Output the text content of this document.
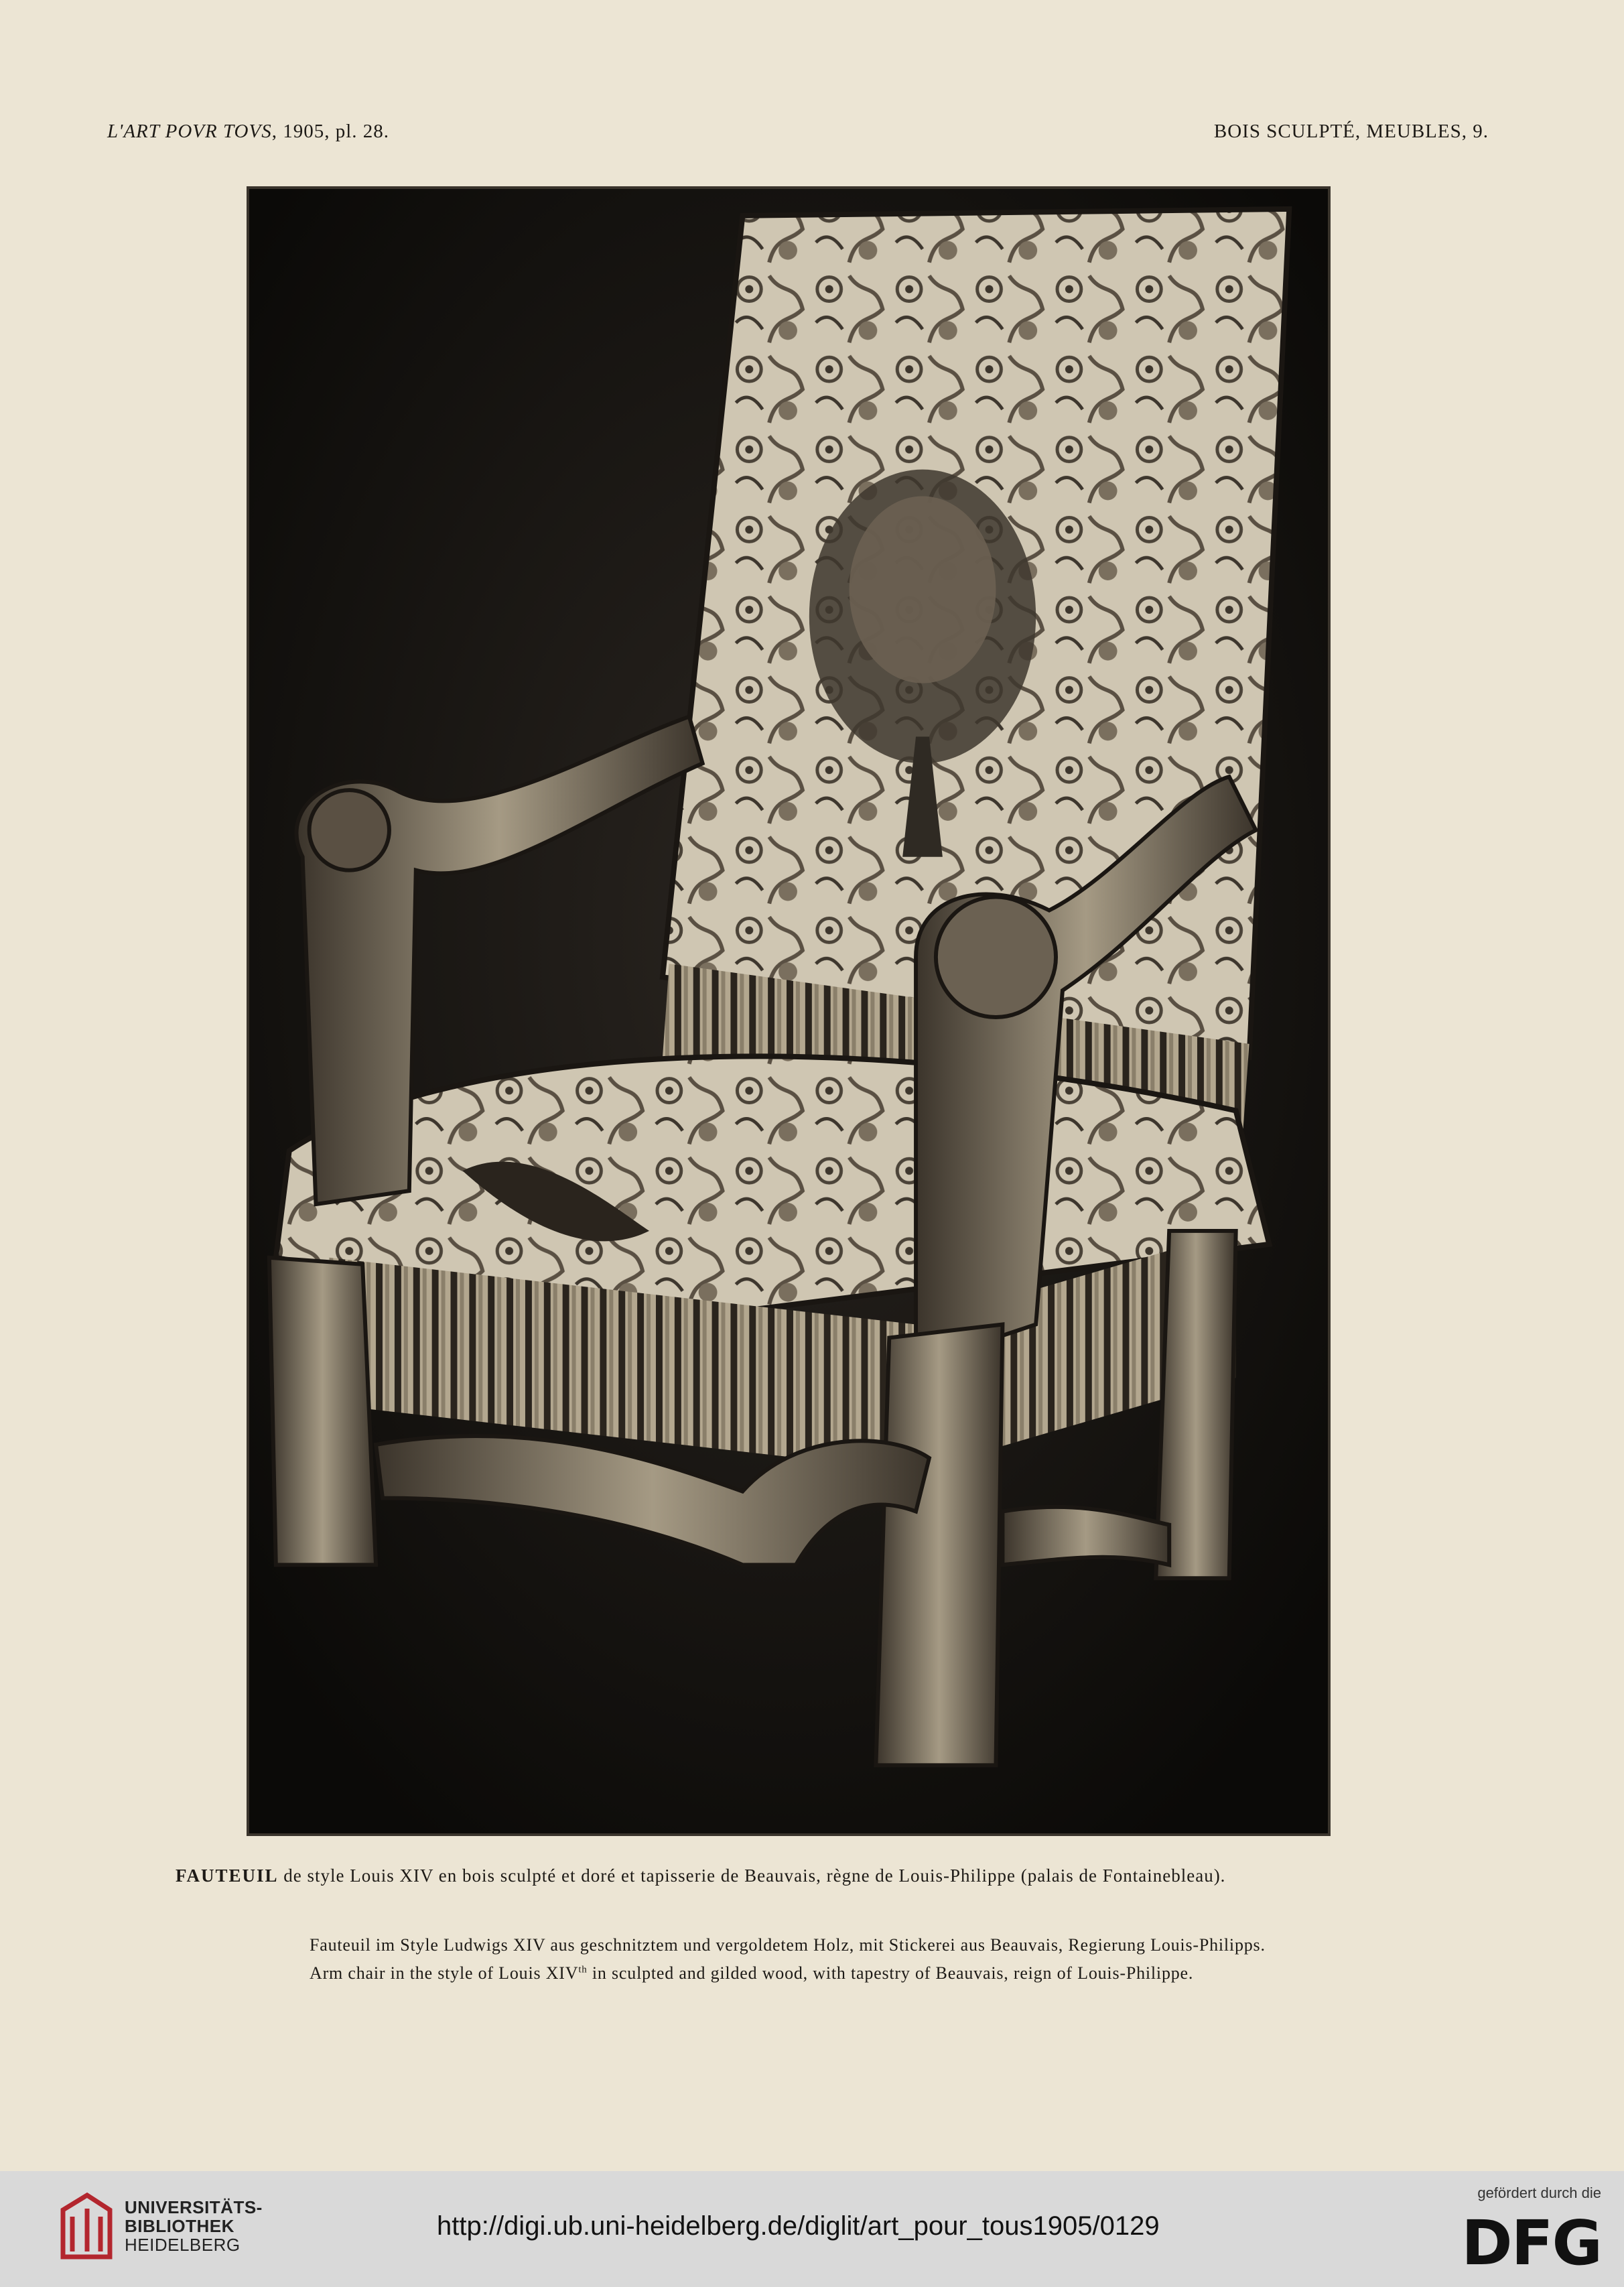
L'ART POVR TOVS, 1905, pl. 28.	BOIS SCULPTÉ, MEUBLES, 9.
FAUTEUIL de style Louis XIV en bois sculpté et doré et tapisserie de Beauvais, règne de Louis-Philippe (palais de Fontainebleau).
Fauteuil im Style Ludwigs XIV aus geschnitztem und vergoldetem Holz, mit Stickerei aus Beauvais, Regierung Louis-Philipps.
Arm chair in the style of Louis XIVth in sculpted and gilded wood, with tapestry of Beauvais, reign of Louis-Philippe.
UNIVERSITÄTS-
BIBLIOTHEK
HEIDELBERG
http://digi.ub.uni-heidelberg.de/diglit/art_pour_tous1905/0129
gefördert durch die
DFG
